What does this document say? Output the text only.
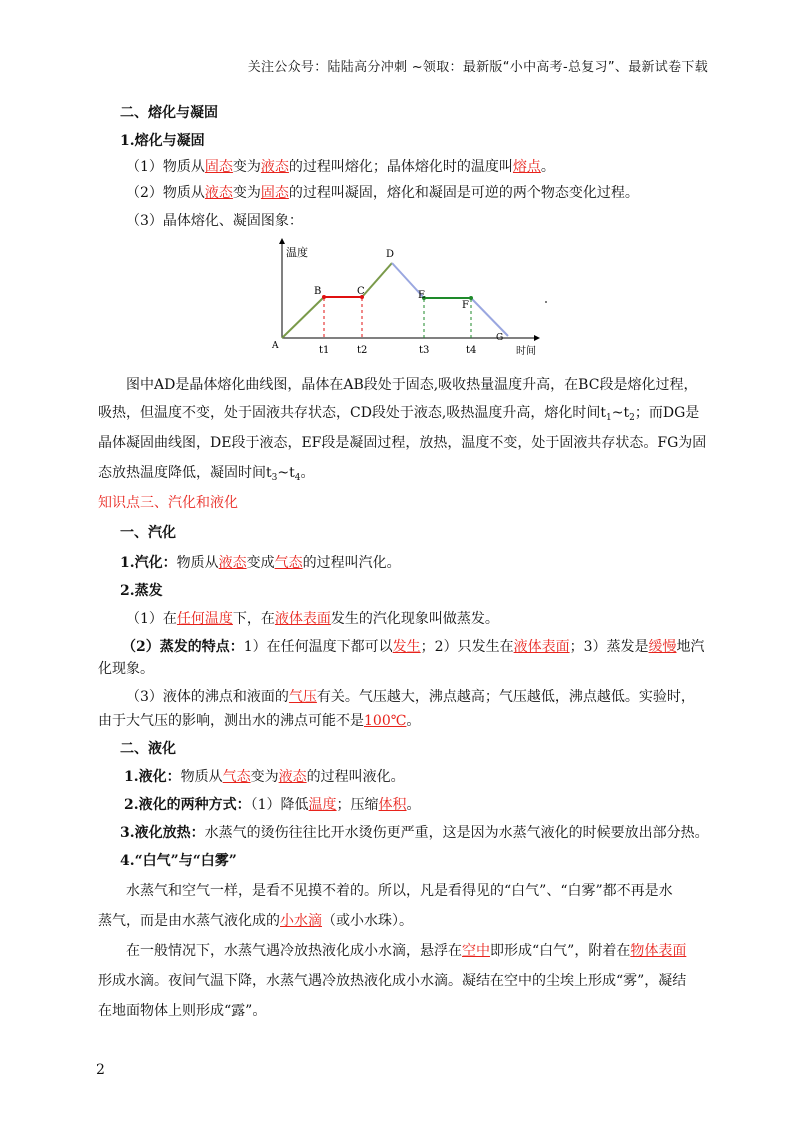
关注公众号：陆陆高分冲刺 ~领取：最新版“小中高考-总复习”、最新试卷下载
二、熔化与凝固
1.熔化与凝固
（1）物质从固态变为液态的过程叫熔化；晶体熔化时的温度叫熔点。
（2）物质从液态变为固态的过程叫凝固，熔化和凝固是可逆的两个物态变化过程。
（3）晶体熔化、凝固图象：
温度
时间
A
B	C
D
E
F
G
t1	t2	t3	t4
图中AD是晶体熔化曲线图，晶体在AB段处于固态,吸收热量温度升高，在BC段是熔化过程，
吸热，但温度不变，处于固液共存状态，CD段处于液态,吸热温度升高，熔化时间$t_1\sim t_2$；而DG是
晶体凝固曲线图，DE段于液态，EF段是凝固过程，放热，温度不变，处于固液共存状态。FG为固
态放热温度降低，凝固时间$t_3\sim t_4$。
知识点三、汽化和液化
一、汽化
1.汽化：物质从液态变成气态的过程叫汽化。
2.蒸发
（1）在任何温度下，在液体表面发生的汽化现象叫做蒸发。
（2）蒸发的特点：1）在任何温度下都可以发生；2）只发生在液体表面；3）蒸发是缓慢地汽
化现象。
（3）液体的沸点和液面的气压有关。气压越大，沸点越高；气压越低，沸点越低。实验时，
由于大气压的影响，测出水的沸点可能不是100℃。
二、液化
1.液化：物质从气态变为液态的过程叫液化。
2.液化的两种方式：（1）降低温度；压缩体积。
3.液化放热：水蒸气的烫伤往往比开水烫伤更严重，这是因为水蒸气液化的时候要放出部分热。
4.“白气”与“白雾”
水蒸气和空气一样，是看不见摸不着的。所以，凡是看得见的“白气”、“白雾”都不再是水
蒸气，而是由水蒸气液化成的小水滴（或小水珠）。
在一般情况下，水蒸气遇冷放热液化成小水滴，悬浮在空中即形成“白气”，附着在物体表面
形成水滴。夜间气温下降，水蒸气遇冷放热液化成小水滴。凝结在空中的尘埃上形成“雾”，凝结
在地面物体上则形成“露”。
2
